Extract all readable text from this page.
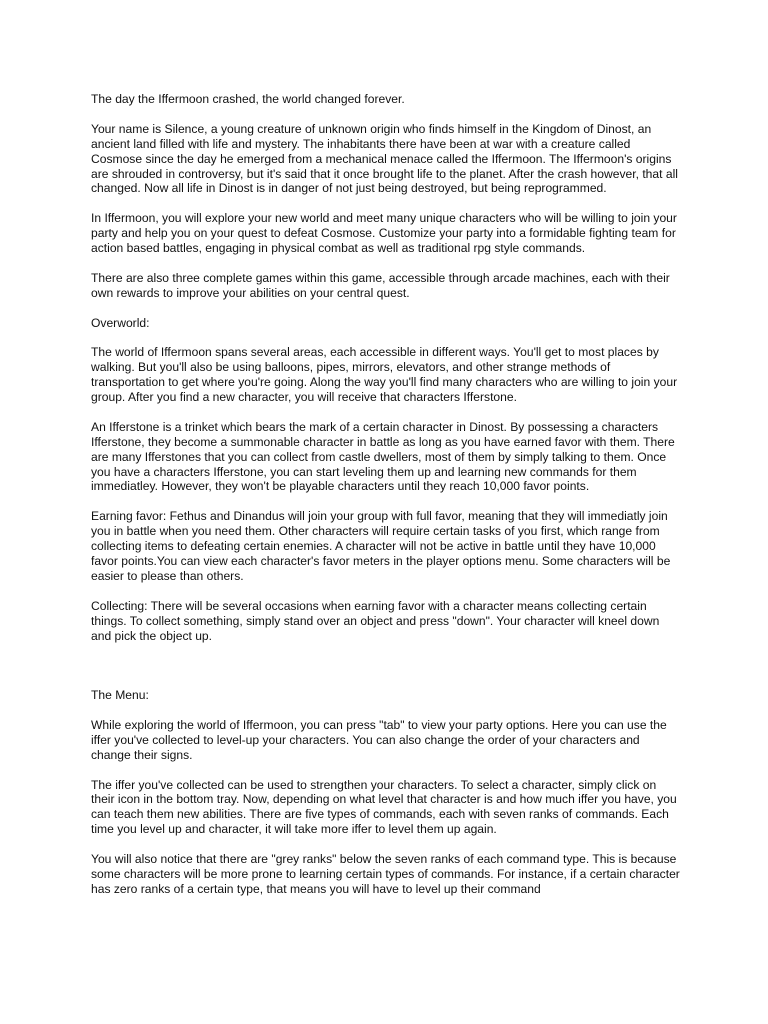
The day the Iffermoon crashed, the world changed forever.

Your name is Silence, a young creature of unknown origin who finds himself in the Kingdom of Dinost, an ancient land filled with life and mystery. The inhabitants there have been at war with a creature called Cosmose since the day he emerged from a mechanical menace called the Iffermoon. The Iffermoon's origins are shrouded in controversy, but it's said that it once brought life to the planet. After the crash however, that all changed. Now all life in Dinost is in danger of not just being destroyed, but being reprogrammed.

In Iffermoon, you will explore your new world and meet many unique characters who will be willing to join your party and help you on your quest to defeat Cosmose. Customize your party into a formidable fighting team for action based battles, engaging in physical combat as well as traditional rpg style commands.

There are also three complete games within this game, accessible through arcade machines, each with their own rewards to improve your abilities on your central quest.

Overworld:

The world of Iffermoon spans several areas, each accessible in different ways. You'll get to most places by walking. But you'll also be using balloons, pipes, mirrors, elevators, and other strange methods of transportation to get where you're going. Along the way you'll find many characters who are willing to join your group. After you find a new character, you will receive that characters Ifferstone.

An Ifferstone is a trinket which bears the mark of a certain character in Dinost. By possessing a characters Ifferstone, they become a summonable character in battle as long as you have earned favor with them. There are many Ifferstones that you can collect from castle dwellers, most of them by simply talking to them. Once you have a characters Ifferstone, you can start leveling them up and learning new commands for them immediatley. However, they won't be playable characters until they reach 10,000 favor points.

Earning favor: Fethus and Dinandus will join your group with full favor, meaning that they will immediatly join you in battle when you need them. Other characters will require certain tasks of you first, which range from collecting items to defeating certain enemies. A character will not be active in battle until they have 10,000 favor points.You can view each character's favor meters in the player options menu. Some characters will be easier to please than others.

Collecting: There will be several occasions when earning favor with a character means collecting certain things. To collect something, simply stand over an object and press "down". Your character will kneel down and pick the object up.

The Menu:

While exploring the world of Iffermoon, you can press "tab" to view your party options. Here you can use the iffer you've collected to level-up your characters. You can also change the order of your characters and change their signs.

The iffer you've collected can be used to strengthen your characters. To select a character, simply click on their icon in the bottom tray. Now, depending on what level that character is and how much iffer you have, you can teach them new abilities. There are five types of commands, each with seven ranks of commands. Each time you level up and character, it will take more iffer to level them up again.

You will also notice that there are "grey ranks" below the seven ranks of each command type. This is because some characters will be more prone to learning certain types of commands. For instance, if a certain character has zero ranks of a certain type, that means you will have to level up their command
